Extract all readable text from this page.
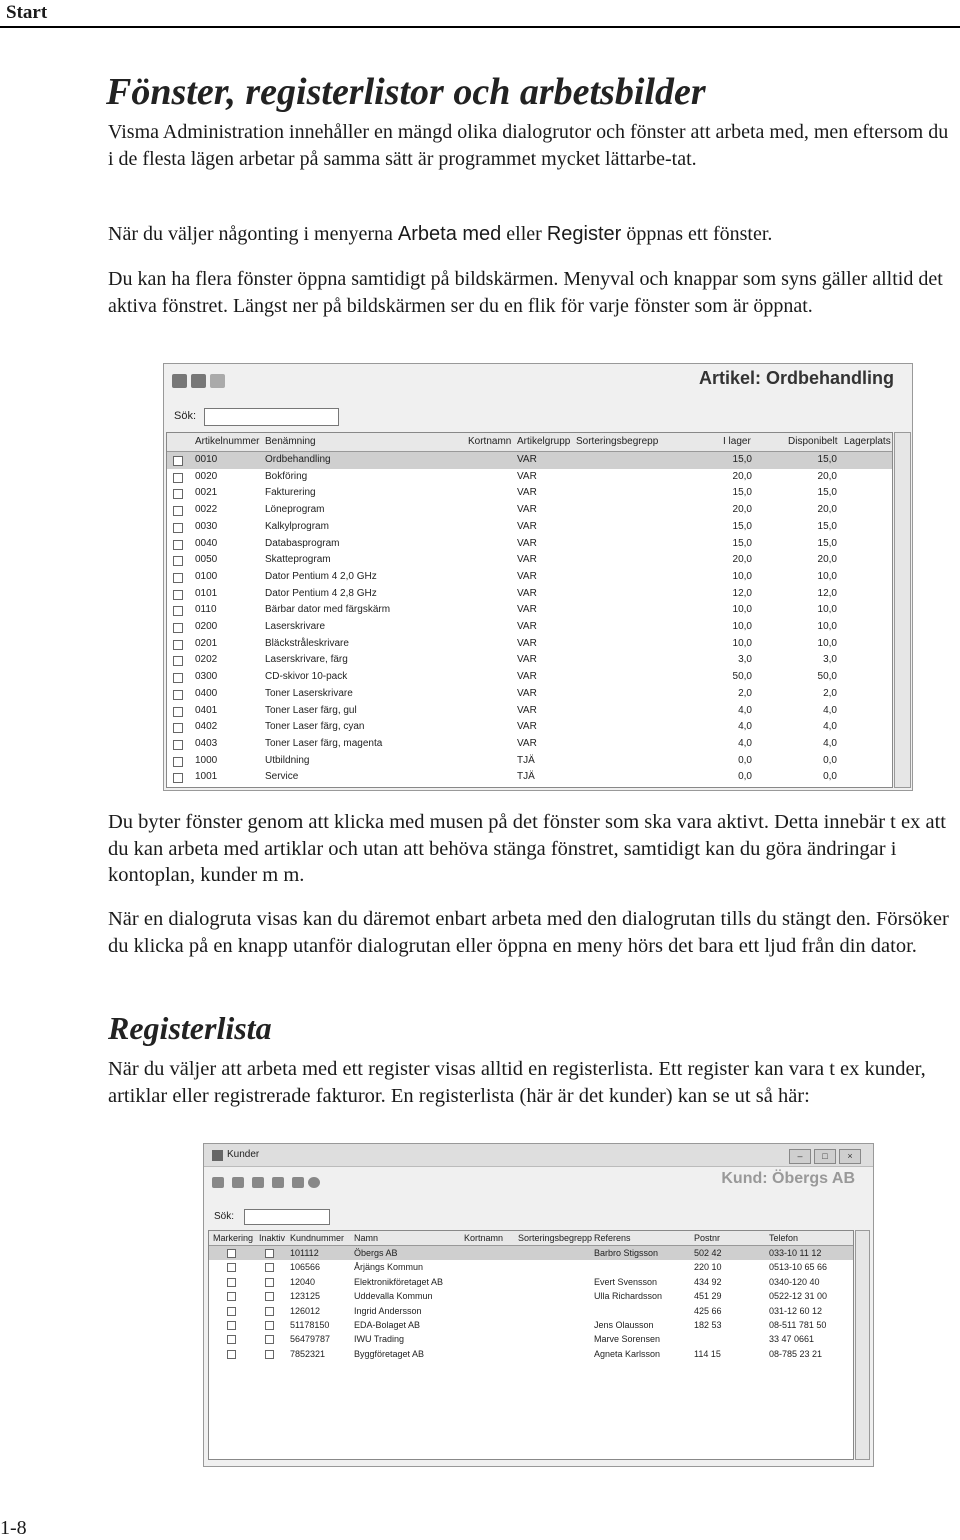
Start
Fönster, registerlistor och arbetsbilder

Visma Administration innehåller en mängd olika dialogrutor och fönster att arbeta med, men eftersom du i de flesta lägen arbetar på samma sätt är programmet mycket lättarbe-tat.

När du väljer någonting i menyerna Arbeta med eller Register öppnas ett fönster.

Du kan ha flera fönster öppna samtidigt på bildskärmen. Menyval och knappar som syns gäller alltid det aktiva fönstret. Längst ner på bildskärmen ser du en flik för varje fönster som är öppnat.

Artikel: Ordbehandling
Sök:
Artikelnummer Benämning	Kortnamn Artikelgrupp Sorteringsbegrepp	I lager	Disponibelt Lagerplats
0010	Ordbehandling	VAR	15,0	15,0
0020	Bokföring	VAR	20,0	20,0
0021	Fakturering	VAR	15,0	15,0
0022	Löneprogram	VAR	20,0	20,0
0030	Kalkylprogram	VAR	15,0	15,0
0040	Databasprogram	VAR	15,0	15,0
0050	Skatteprogram	VAR	20,0	20,0
0100	Dator Pentium 4 2,0 GHz	VAR	10,0	10,0
0101	Dator Pentium 4 2,8 GHz	VAR	12,0	12,0
0110	Bärbar dator med färgskärm	VAR	10,0	10,0
0200	Laserskrivare	VAR	10,0	10,0
0201	Bläckstråleskrivare	VAR	10,0	10,0
0202	Laserskrivare, färg	VAR	3,0	3,0
0300	CD-skivor 10-pack	VAR	50,0	50,0
0400	Toner Laserskrivare	VAR	2,0	2,0
0401	Toner Laser färg, gul	VAR	4,0	4,0
0402	Toner Laser färg, cyan	VAR	4,0	4,0
0403	Toner Laser färg, magenta	VAR	4,0	4,0
1000	Utbildning	TJÄ	0,0	0,0
1001	Service	TJÄ	0,0	0,0

Du byter fönster genom att klicka med musen på det fönster som ska vara aktivt. Detta innebär t ex att du kan arbeta med artiklar och utan att behöva stänga fönstret, samtidigt kan du göra ändringar i kontoplan, kunder m m.

När en dialogruta visas kan du däremot enbart arbeta med den dialogrutan tills du stängt den. Försöker du klicka på en knapp utanför dialogrutan eller öppna en meny hörs det bara ett ljud från din dator.

Registerlista

När du väljer att arbeta med ett register visas alltid en registerlista. Ett register kan vara t ex kunder, artiklar eller registrerade fakturor. En registerlista (här är det kunder) kan se ut så här:

Kunder	–	□	×
Kund: Öbergs AB
Sök:
Markering Inaktiv Kundnummer Namn	Kortnamn Sorteringsbegrepp Referens	Postnr	Telefon
101112	Öbergs AB	Barbro Stigsson	502 42	033-10 11 12
106566	Årjängs Kommun	220 10	0513-10 65 66
12040	Elektronikföretaget AB	Evert Svensson	434 92	0340-120 40
123125	Uddevalla Kommun	Ulla Richardsson	451 29	0522-12 31 00
126012	Ingrid Andersson	425 66	031-12 60 12
51178150	EDA-Bolaget AB	Jens Olausson	182 53	08-511 781 50
56479787	IWU Trading	Marve Sorensen	33 47 0661
7852321	Byggföretaget AB	Agneta Karlsson	114 15	08-785 23 21
1-8
